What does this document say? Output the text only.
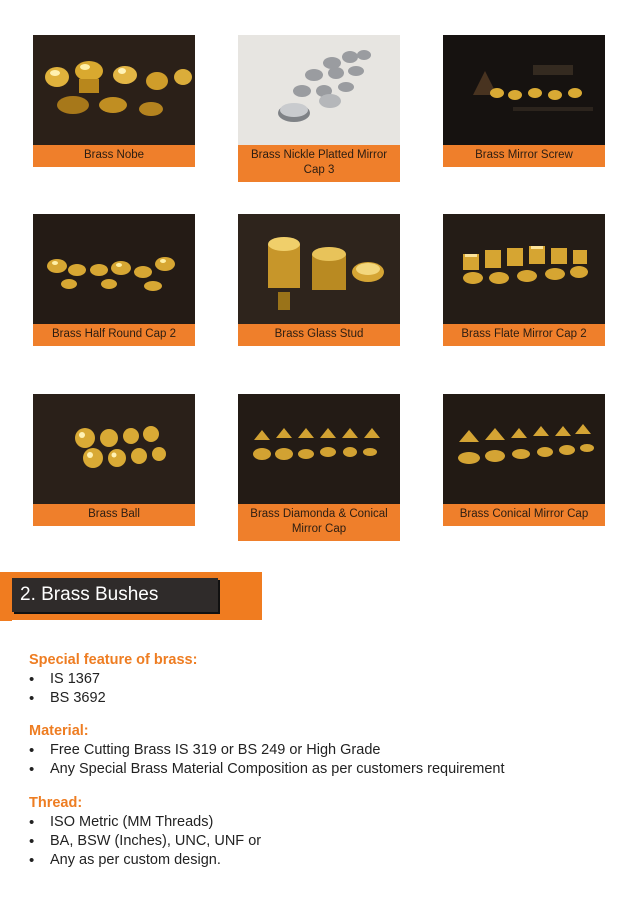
Brass Nobe	Brass Nickle Platted Mirror Cap 3
Brass Mirror Screw
Brass Half Round Cap 2	Brass Glass Stud	Brass Flate Mirror Cap 2
Brass Ball	Brass Diamonda & Conical Mirror Cap
Brass Conical Mirror Cap
2. Brass Bushes
Special feature of brass:
• IS 1367
• BS 3692
Material:
• Free Cutting Brass IS 319 or BS 249 or High Grade
• Any Special Brass Material Composition as per customers requirement
Thread:
• ISO Metric (MM Threads)
• BA, BSW (Inches), UNC, UNF or
• Any as per custom design.
